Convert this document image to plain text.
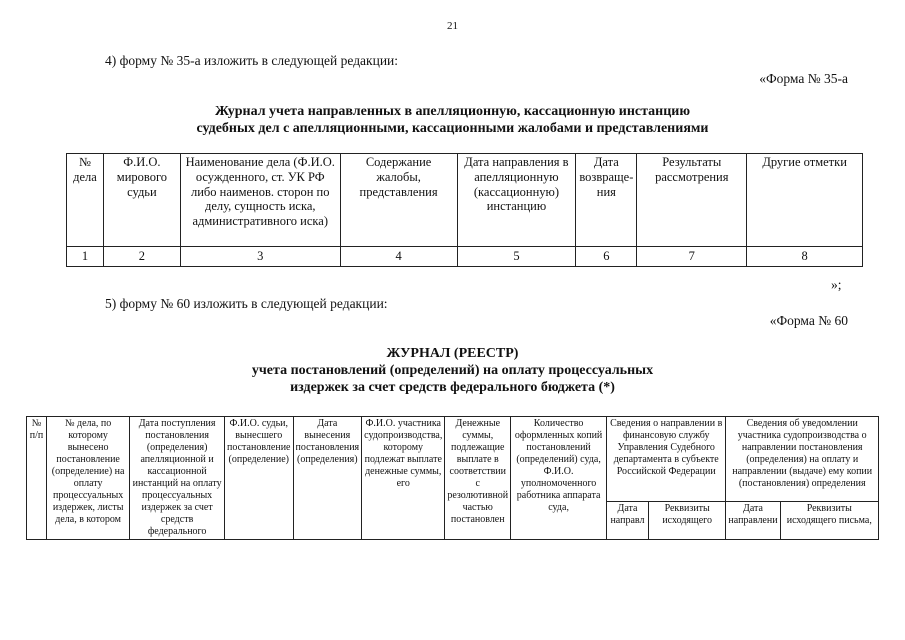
21
4) форму № 35-а изложить в следующей редакции:
«Форма № 35-а
Журнал учета направленных в апелляционную, кассационную инстанцию
судебных дел с апелляционными, кассационными жалобами и представлениями
№ дела	Ф.И.О. мирового судьи	Наименование дела (Ф.И.О. осужденного, ст. УК РФ либо наименов. сторон по делу, сущность иска, административного иска)	Содержание жалобы, представления	Дата направления в апелляционную (кассационную) инстанцию	Дата возвраще-ния	Результаты рассмотрения	Другие отметки
1	2	3	4	5	6	7	8
»;
5) форму № 60 изложить в следующей редакции:
«Форма № 60
ЖУРНАЛ (РЕЕСТР)
учета постановлений (определений) на оплату процессуальных
издержек за счет средств федерального бюджета (*)
№ п/п	№ дела, по которому вынесено постановление (определение) на оплату процессуальных издержек, листы дела, в котором	Дата поступления постановления (определения) апелляционной и кассационной инстанций на оплату процессуальных издержек за счет средств федерального	Ф.И.О. судьи, вынесшего постановление (определение)	Дата вынесения постановления (определения)	Ф.И.О. участника судопроизводства, которому подлежат выплате денежные суммы, его	Денежные суммы, подлежащие выплате в соответствии с резолютивной частью постановлен	Количество оформленных копий постановлений (определений) суда, Ф.И.О. уполномоченного работника аппарата суда,	Сведения о направлении в финансовую службу Управления Судебного департамента в субъекте Российской Федерации		Сведения об уведомлении участника судопроизводства о направлении постановления (определения) на оплату и направлении (выдаче) ему копии (постановления) определения	
								Дата направл	Реквизиты исходящего	Дата направлени	Реквизиты исходящего письма,
